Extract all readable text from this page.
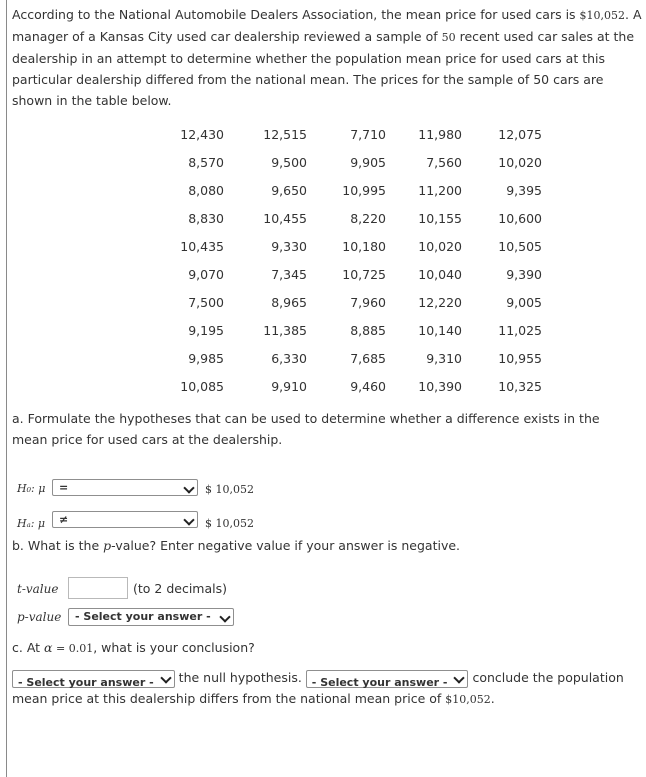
According to the National Automobile Dealers Association, the mean price for used cars is $10,052. A manager of a Kansas City used car dealership reviewed a sample of 50 recent used car sales at the dealership in an attempt to determine whether the population mean price for used cars at this particular dealership differed from the national mean. The prices for the sample of 50 cars are shown in the table below.
12,430	12,515	7,710	11,980	12,075
8,570	9,500	9,905	7,560	10,020
8,080	9,650	10,995	11,200	9,395
8,830	10,455	8,220	10,155	10,600
10,435	9,330	10,180	10,020	10,505
9,070	7,345	10,725	10,040	9,390
7,500	8,965	7,960	12,220	9,005
9,195	11,385	8,885	10,140	11,025
9,985	6,330	7,685	9,310	10,955
10,085	9,910	9,460	10,390	10,325
a. Formulate the hypotheses that can be used to determine whether a difference exists in the mean price for used cars at the dealership.
H₀: μ =	$ 10,052
Hₐ: μ ≠	$ 10,052
b. What is the p-value? Enter negative value if your answer is negative.
t-value	(to 2 decimals)
p-value - Select your answer -
c. At α = 0.01, what is your conclusion?
- Select your answer - the null hypothesis. - Select your answer - conclude the population mean price at this dealership differs from the national mean price of $10,052.
